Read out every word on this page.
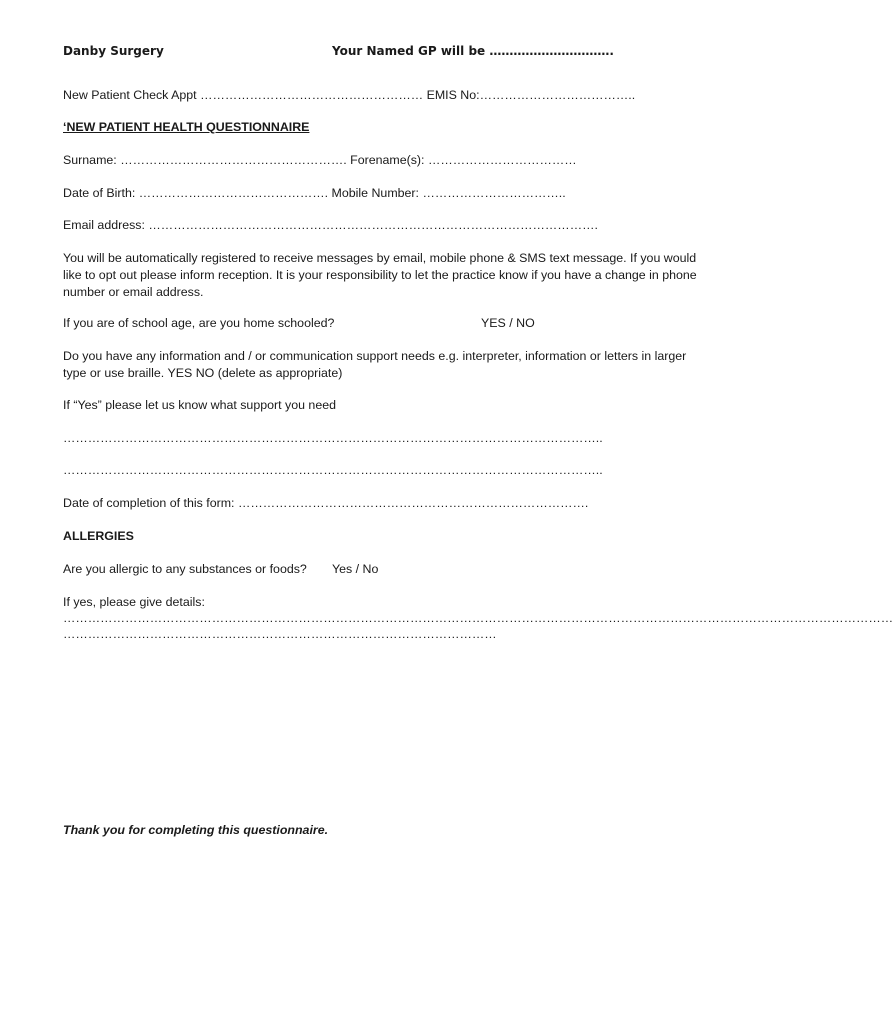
Danby Surgery	Your Named GP will be ………………………….
New Patient Check Appt ……………………………………………… EMIS No:………………………………..
‘NEW PATIENT HEALTH QUESTIONNAIRE
Surname: ………………………………………………. Forename(s): ………………………………
Date of Birth: ………………………………………. Mobile Number: ……………………………..
Email address: ……………………………………………………………………………………………….
You will be automatically registered to receive messages by email, mobile phone & SMS text message. If you would like to opt out please inform reception. It is your responsibility to let the practice know if you have a change in phone number or email address.
If you are of school age, are you home schooled?	YES / NO
Do you have any information and / or communication support needs e.g. interpreter, information or letters in larger type or use braille. YES NO (delete as appropriate)
If “Yes” please let us know what support you need
…………………………………………………………………………………………………………………..
…………………………………………………………………………………………………………………..
Date of completion of this form: ………………………………………………………………………….
ALLERGIES
Are you allergic to any substances or foods? Yes / No
If yes, please give details:
…………………………………………………………………………………………………………………………………………………………………………………
……………………………………………………………………………………………
Thank you for completing this questionnaire.
